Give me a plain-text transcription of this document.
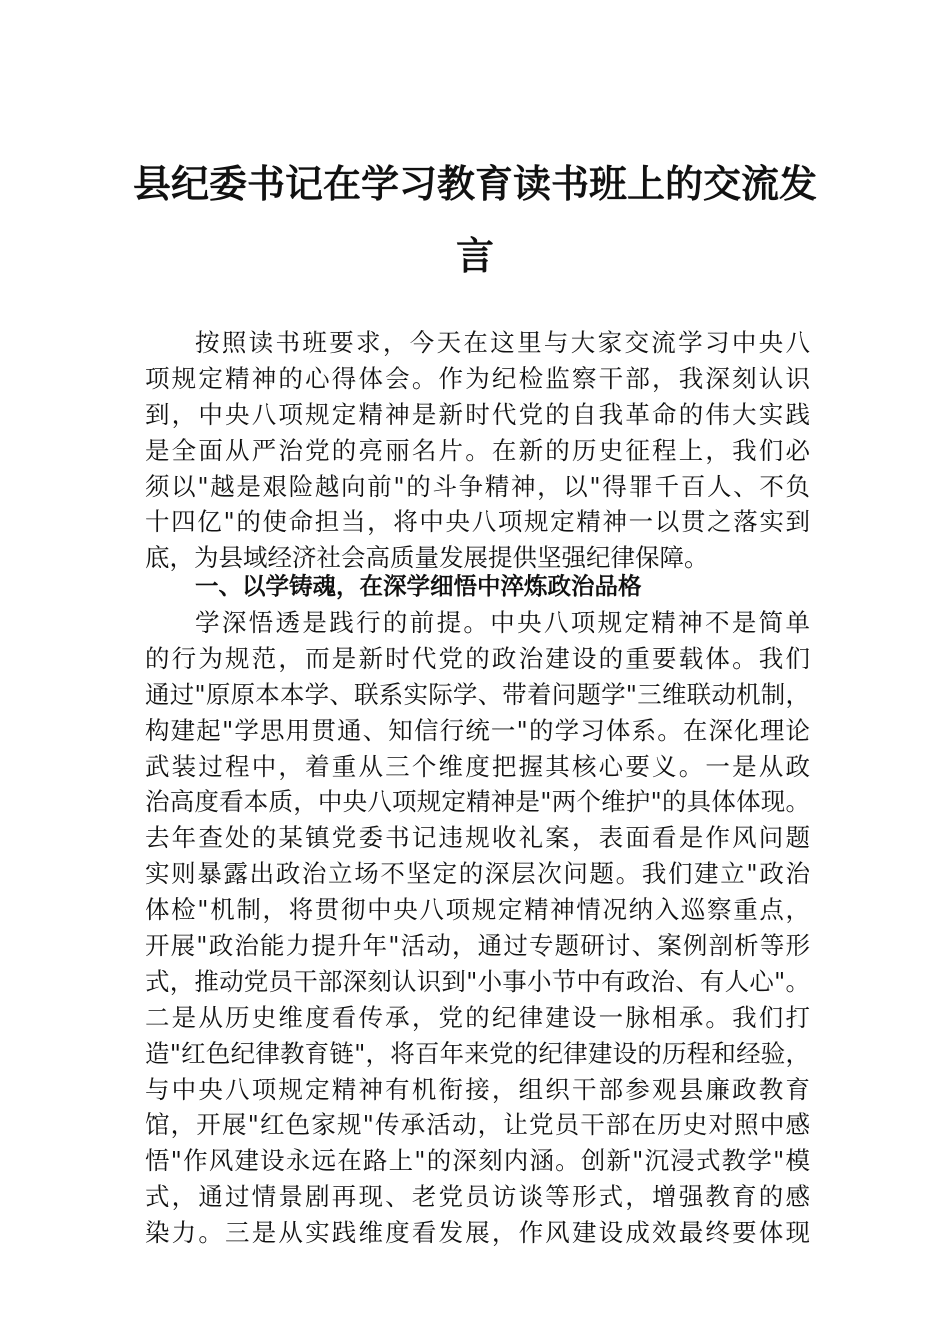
县纪委书记在学习教育读书班上的交流发
言
按照读书班要求，今天在这里与大家交流学习中央八
项规定精神的心得体会。作为纪检监察干部，我深刻认识
到，中央八项规定精神是新时代党的自我革命的伟大实践
是全面从严治党的亮丽名片。在新的历史征程上，我们必
须以"越是艰险越向前"的斗争精神，以"得罪千百人、不负
十四亿"的使命担当，将中央八项规定精神一以贯之落实到
底，为县域经济社会高质量发展提供坚强纪律保障。
一、以学铸魂，在深学细悟中淬炼政治品格
学深悟透是践行的前提。中央八项规定精神不是简单
的行为规范，而是新时代党的政治建设的重要载体。我们
通过"原原本本学、联系实际学、带着问题学"三维联动机制，
构建起"学思用贯通、知信行统一"的学习体系。在深化理论
武装过程中，着重从三个维度把握其核心要义。一是从政
治高度看本质，中央八项规定精神是"两个维护"的具体体现。
去年查处的某镇党委书记违规收礼案，表面看是作风问题
实则暴露出政治立场不坚定的深层次问题。我们建立"政治
体检"机制，将贯彻中央八项规定精神情况纳入巡察重点，
开展"政治能力提升年"活动，通过专题研讨、案例剖析等形
式，推动党员干部深刻认识到"小事小节中有政治、有人心"。
二是从历史维度看传承，党的纪律建设一脉相承。我们打
造"红色纪律教育链"，将百年来党的纪律建设的历程和经验，
与中央八项规定精神有机衔接，组织干部参观县廉政教育
馆，开展"红色家规"传承活动，让党员干部在历史对照中感
悟"作风建设永远在路上"的深刻内涵。创新"沉浸式教学"模
式，通过情景剧再现、老党员访谈等形式，增强教育的感
染力。三是从实践维度看发展，作风建设成效最终要体现
